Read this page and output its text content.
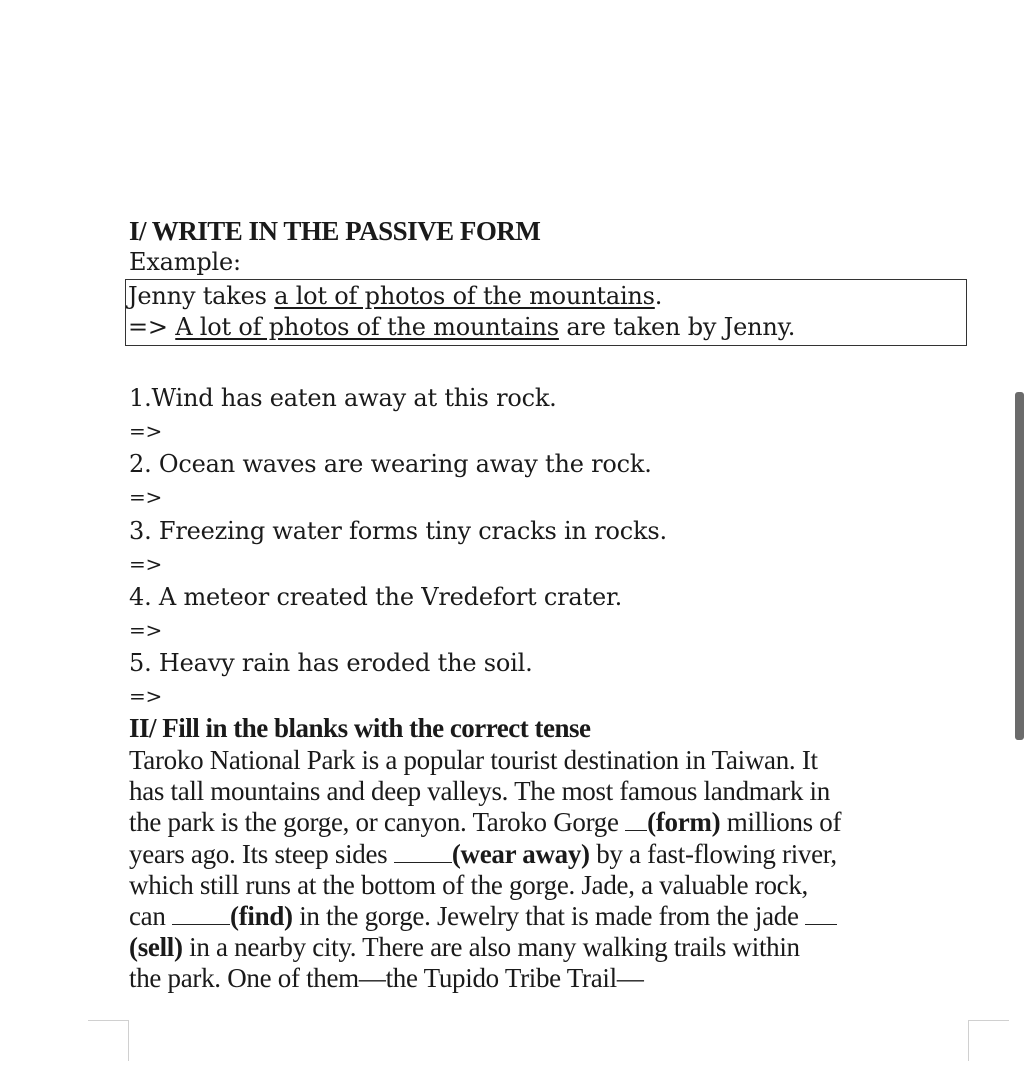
I/ WRITE IN THE PASSIVE FORM
Example:
Jenny takes a lot of photos of the mountains.
=> A lot of photos of the mountains are taken by Jenny.
1.Wind has eaten away at this rock.
=>
2. Ocean waves are wearing away the rock.
=>
3. Freezing water forms tiny cracks in rocks.
=>
4. A meteor created the Vredefort crater.
=>
5. Heavy rain has eroded the soil.
=>
II/ Fill in the blanks with the correct tense
Taroko National Park is a popular tourist destination in Taiwan. It
has tall mountains and deep valleys. The most famous landmark in
the park is the gorge, or canyon. Taroko Gorge (form) millions of
years ago. Its steep sides (wear away) by a fast-flowing river,
which still runs at the bottom of the gorge. Jade, a valuable rock,
can (find) in the gorge. Jewelry that is made from the jade
(sell) in a nearby city. There are also many walking trails within
the park. One of them—the Tupido Tribe Trail—
